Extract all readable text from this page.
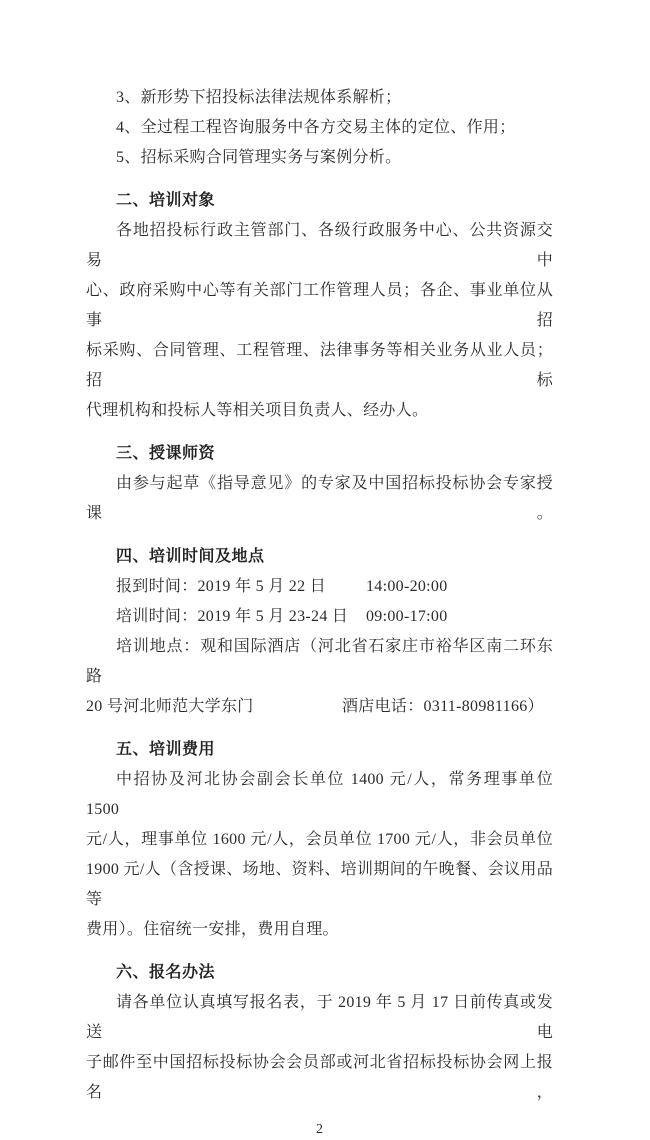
3、新形势下招投标法律法规体系解析；

4、全过程工程咨询服务中各方交易主体的定位、作用；

5、招标采购合同管理实务与案例分析。

二、培训对象

各地招投标行政主管部门、各级行政服务中心、公共资源交易中

心、政府采购中心等有关部门工作管理人员；各企、事业单位从事招

标采购、合同管理、工程管理、法律事务等相关业务从业人员；招标

代理机构和投标人等相关项目负责人、经办人。

三、授课师资

由参与起草《指导意见》的专家及中国招标投标协会专家授课。

四、培训时间及地点

报到时间：2019 年 5 月 22 日	14:00-20:00

培训时间：2019 年 5 月 23-24 日 09:00-17:00

培训地点：观和国际酒店（河北省石家庄市裕华区南二环东路

20 号河北师范大学东门	酒店电话：0311-80981166）

五、培训费用

中招协及河北协会副会长单位 1400 元/人，常务理事单位 1500

元/人，理事单位 1600 元/人，会员单位 1700 元/人，非会员单位

1900 元/人（含授课、场地、资料、培训期间的午晚餐、会议用品等

费用）。住宿统一安排，费用自理。

六、报名办法

请各单位认真填写报名表，于 2019 年 5 月 17 日前传真或发送电

子邮件至中国招标投标协会会员部或河北省招标投标协会网上报名，

2
